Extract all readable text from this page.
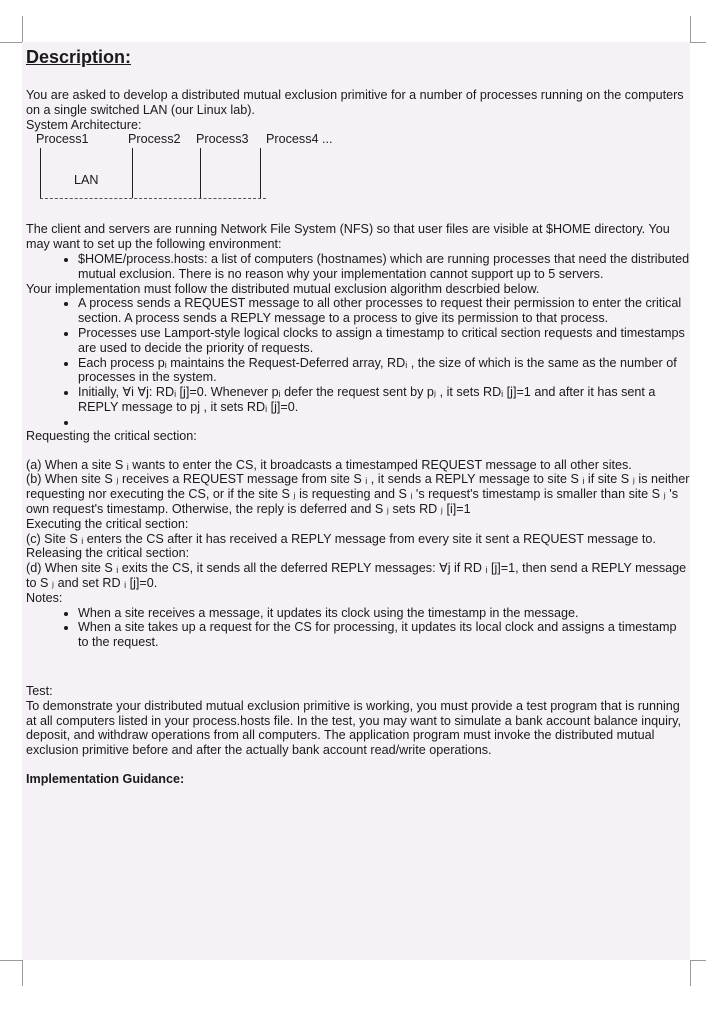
Description:

You are asked to develop a distributed mutual exclusion primitive for a number of processes running on the computers on a single switched LAN (our Linux lab).

System Architecture:

Process1	Process2 Process3 Process4 ...
LAN

The client and servers are running Network File System (NFS) so that user files are visible at $HOME directory. You may want to set up the following environment:

• $HOME/process.hosts: a list of computers (hostnames) which are running processes that need the distributed mutual exclusion. There is no reason why your implementation cannot support up to 5 servers.

Your implementation must follow the distributed mutual exclusion algorithm descrbied below.

• A process sends a REQUEST message to all other processes to request their permission to enter the critical section. A process sends a REPLY message to a process to give its permission to that process.
• Processes use Lamport-style logical clocks to assign a timestamp to critical section requests and timestamps are used to decide the priority of requests.
• Each process pᵢ maintains the Request-Deferred array, RDᵢ , the size of which is the same as the number of processes in the system.
• Initially, ∀i ∀j: RDᵢ [j]=0. Whenever pᵢ defer the request sent by pⱼ , it sets RDᵢ [j]=1 and after it has sent a REPLY message to pj , it sets RDᵢ [j]=0.
•

Requesting the critical section:

(a) When a site S ᵢ wants to enter the CS, it broadcasts a timestamped REQUEST message to all other sites.

(b) When site S ⱼ receives a REQUEST message from site S ᵢ , it sends a REPLY message to site S ᵢ if site S ⱼ is neither requesting nor executing the CS, or if the site S ⱼ is requesting and S ᵢ 's request's timestamp is smaller than site S ⱼ 's own request's timestamp. Otherwise, the reply is deferred and S ⱼ sets RD ⱼ [i]=1

Executing the critical section:

(c) Site S ᵢ enters the CS after it has received a REPLY message from every site it sent a REQUEST message to.

Releasing the critical section:

(d) When site S ᵢ exits the CS, it sends all the deferred REPLY messages: ∀j if RD ᵢ [j]=1, then send a REPLY message to S ⱼ and set RD ᵢ [j]=0.

Notes:

• When a site receives a message, it updates its clock using the timestamp in the message.
• When a site takes up a request for the CS for processing, it updates its local clock and assigns a timestamp to the request.

Test:

To demonstrate your distributed mutual exclusion primitive is working, you must provide a test program that is running at all computers listed in your process.hosts file. In the test, you may want to simulate a bank account balance inquiry, deposit, and withdraw operations from all computers. The application program must invoke the distributed mutual exclusion primitive before and after the actually bank account read/write operations.

Implementation Guidance:
